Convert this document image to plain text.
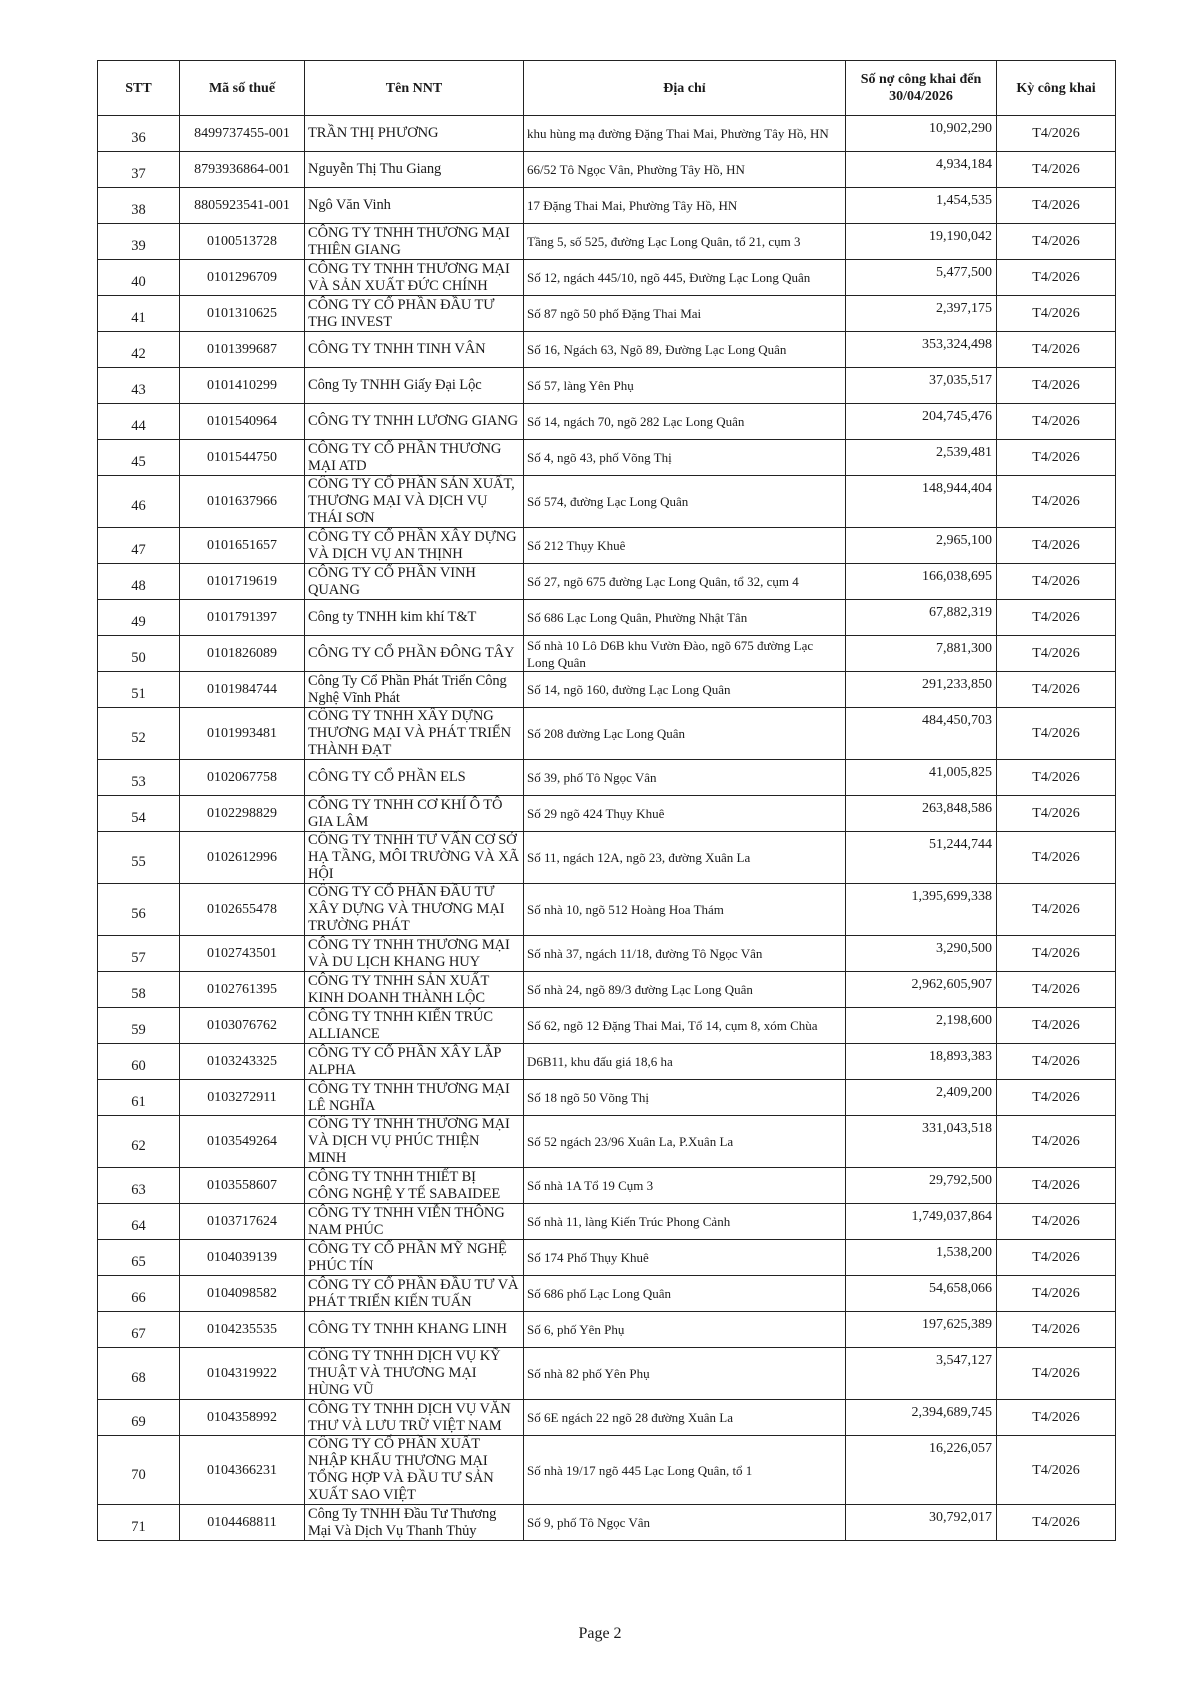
STT	Mã số thuế	Tên NNT	Địa chỉ	Số nợ công khai đến 30/04/2026	Kỳ công khai
36	8499737455-001	TRẦN THỊ PHƯƠNG	khu hùng mạ đường Đặng Thai Mai, Phường Tây Hồ, HN	10,902,290	T4/2026
37	8793936864-001	Nguyễn Thị Thu Giang	66/52 Tô Ngọc Vân, Phường Tây Hồ, HN	4,934,184	T4/2026
38	8805923541-001	Ngô Văn Vinh	17 Đặng Thai Mai, Phường Tây Hồ, HN	1,454,535	T4/2026
39	0100513728	CÔNG TY TNHH THƯƠNG MẠI THIÊN GIANG	Tầng 5, số 525, đường Lạc Long Quân, tổ 21, cụm 3	19,190,042	T4/2026
40	0101296709	CÔNG TY TNHH THƯƠNG MẠI VÀ SẢN XUẤT ĐỨC CHÍNH	Số 12, ngách 445/10, ngõ 445, Đường Lạc Long Quân	5,477,500	T4/2026
41	0101310625	CÔNG TY CỔ PHẦN ĐẦU TƯ THG INVEST	Số 87 ngõ 50 phố Đặng Thai Mai	2,397,175	T4/2026
42	0101399687	CÔNG TY TNHH TINH VÂN	Số 16, Ngách 63, Ngõ 89, Đường Lạc Long Quân	353,324,498	T4/2026
43	0101410299	Công Ty TNHH Giấy Đại Lộc	Số 57, làng Yên Phụ	37,035,517	T4/2026
44	0101540964	CÔNG TY TNHH LƯƠNG GIANG	Số 14, ngách 70, ngõ 282 Lạc Long Quân	204,745,476	T4/2026
45	0101544750	CÔNG TY CỔ PHẦN THƯƠNG MẠI ATD	Số 4, ngõ 43, phố Võng Thị	2,539,481	T4/2026
46	0101637966	CÔNG TY CỔ PHẦN SẢN XUẤT, THƯƠNG MẠI VÀ DỊCH VỤ THÁI SƠN	Số 574, đường Lạc Long Quân	148,944,404	T4/2026
47	0101651657	CÔNG TY CỔ PHẦN XÂY DỰNG VÀ DỊCH VỤ AN THỊNH	Số 212 Thụy Khuê	2,965,100	T4/2026
48	0101719619	CÔNG TY CỔ PHẦN VINH QUANG	Số 27, ngõ 675 đường Lạc Long Quân, tổ 32, cụm 4	166,038,695	T4/2026
49	0101791397	Công ty TNHH kim khí T&T	Số 686 Lạc Long Quân, Phường Nhật Tân	67,882,319	T4/2026
50	0101826089	CÔNG TY CỔ PHẦN ĐÔNG TÂY	Số nhà 10 Lô D6B khu Vườn Đào, ngõ 675 đường Lạc Long Quân	7,881,300	T4/2026
51	0101984744	Công Ty Cổ Phần Phát Triển Công Nghệ Vĩnh Phát	Số 14, ngõ 160, đường Lạc Long Quân	291,233,850	T4/2026
52	0101993481	CÔNG TY TNHH XÂY DỰNG THƯƠNG MẠI VÀ PHÁT TRIỂN THÀNH ĐẠT	Số 208 đường Lạc Long Quân	484,450,703	T4/2026
53	0102067758	CÔNG TY CỔ PHẦN ELS	Số 39, phố Tô Ngọc Vân	41,005,825	T4/2026
54	0102298829	CÔNG TY TNHH CƠ KHÍ Ô TÔ GIA LÂM	Số 29 ngõ 424 Thụy Khuê	263,848,586	T4/2026
55	0102612996	CÔNG TY TNHH TƯ VẤN CƠ SỞ HẠ TẦNG, MÔI TRƯỜNG VÀ XÃ HỘI	Số 11, ngách 12A, ngõ 23, đường Xuân La	51,244,744	T4/2026
56	0102655478	CÔNG TY CỔ PHẦN ĐẦU TƯ XÂY DỰNG VÀ THƯƠNG MẠI TRƯỜNG PHÁT	Số nhà 10, ngõ 512 Hoàng Hoa Thám	1,395,699,338	T4/2026
57	0102743501	CÔNG TY TNHH THƯƠNG MẠI VÀ DU LỊCH KHANG HUY	Số nhà 37, ngách 11/18, đường Tô Ngọc Vân	3,290,500	T4/2026
58	0102761395	CÔNG TY TNHH SẢN XUẤT KINH DOANH THÀNH LỘC	Số nhà 24, ngõ 89/3 đường Lạc Long Quân	2,962,605,907	T4/2026
59	0103076762	CÔNG TY TNHH KIẾN TRÚC ALLIANCE	Số 62, ngõ 12 Đặng Thai Mai, Tổ 14, cụm 8, xóm Chùa	2,198,600	T4/2026
60	0103243325	CÔNG TY CỔ PHẦN XÂY LẮP ALPHA	D6B11, khu đấu giá 18,6 ha	18,893,383	T4/2026
61	0103272911	CÔNG TY TNHH THƯƠNG MẠI LÊ NGHĨA	Số 18 ngõ 50 Võng Thị	2,409,200	T4/2026
62	0103549264	CÔNG TY TNHH THƯƠNG MẠI VÀ DỊCH VỤ PHÚC THIỆN MINH	Số 52 ngách 23/96 Xuân La, P.Xuân La	331,043,518	T4/2026
63	0103558607	CÔNG TY TNHH THIẾT BỊ CÔNG NGHỆ Y TẾ SABAIDEE	Số nhà 1A Tổ 19 Cụm 3	29,792,500	T4/2026
64	0103717624	CÔNG TY TNHH VIỄN THÔNG NAM PHÚC	Số nhà 11, làng Kiến Trúc Phong Cảnh	1,749,037,864	T4/2026
65	0104039139	CÔNG TY CỔ PHẦN MỸ NGHỆ PHÚC TÍN	Số 174 Phố Thụy Khuê	1,538,200	T4/2026
66	0104098582	CÔNG TY CỔ PHẦN ĐẦU TƯ VÀ PHÁT TRIỂN KIẾN TUẤN	Số 686 phố Lạc Long Quân	54,658,066	T4/2026
67	0104235535	CÔNG TY TNHH KHANG LINH	Số 6, phố Yên Phụ	197,625,389	T4/2026
68	0104319922	CÔNG TY TNHH DỊCH VỤ KỸ THUẬT VÀ THƯƠNG MẠI HÙNG VŨ	Số nhà 82 phố Yên Phụ	3,547,127	T4/2026
69	0104358992	CÔNG TY TNHH DỊCH VỤ VĂN THƯ VÀ LƯU TRỮ VIỆT NAM	Số 6E ngách 22 ngõ 28 đường Xuân La	2,394,689,745	T4/2026
70	0104366231	CÔNG TY CỔ PHẦN XUẤT NHẬP KHẨU THƯƠNG MẠI TỔNG HỢP VÀ ĐẦU TƯ SẢN XUẤT SAO VIỆT	Số nhà 19/17 ngõ 445 Lạc Long Quân, tổ 1	16,226,057	T4/2026
71	0104468811	Công Ty TNHH Đầu Tư Thương Mại Và Dịch Vụ Thanh Thủy	Số 9, phố Tô Ngọc Vân	30,792,017	T4/2026
Page 2
